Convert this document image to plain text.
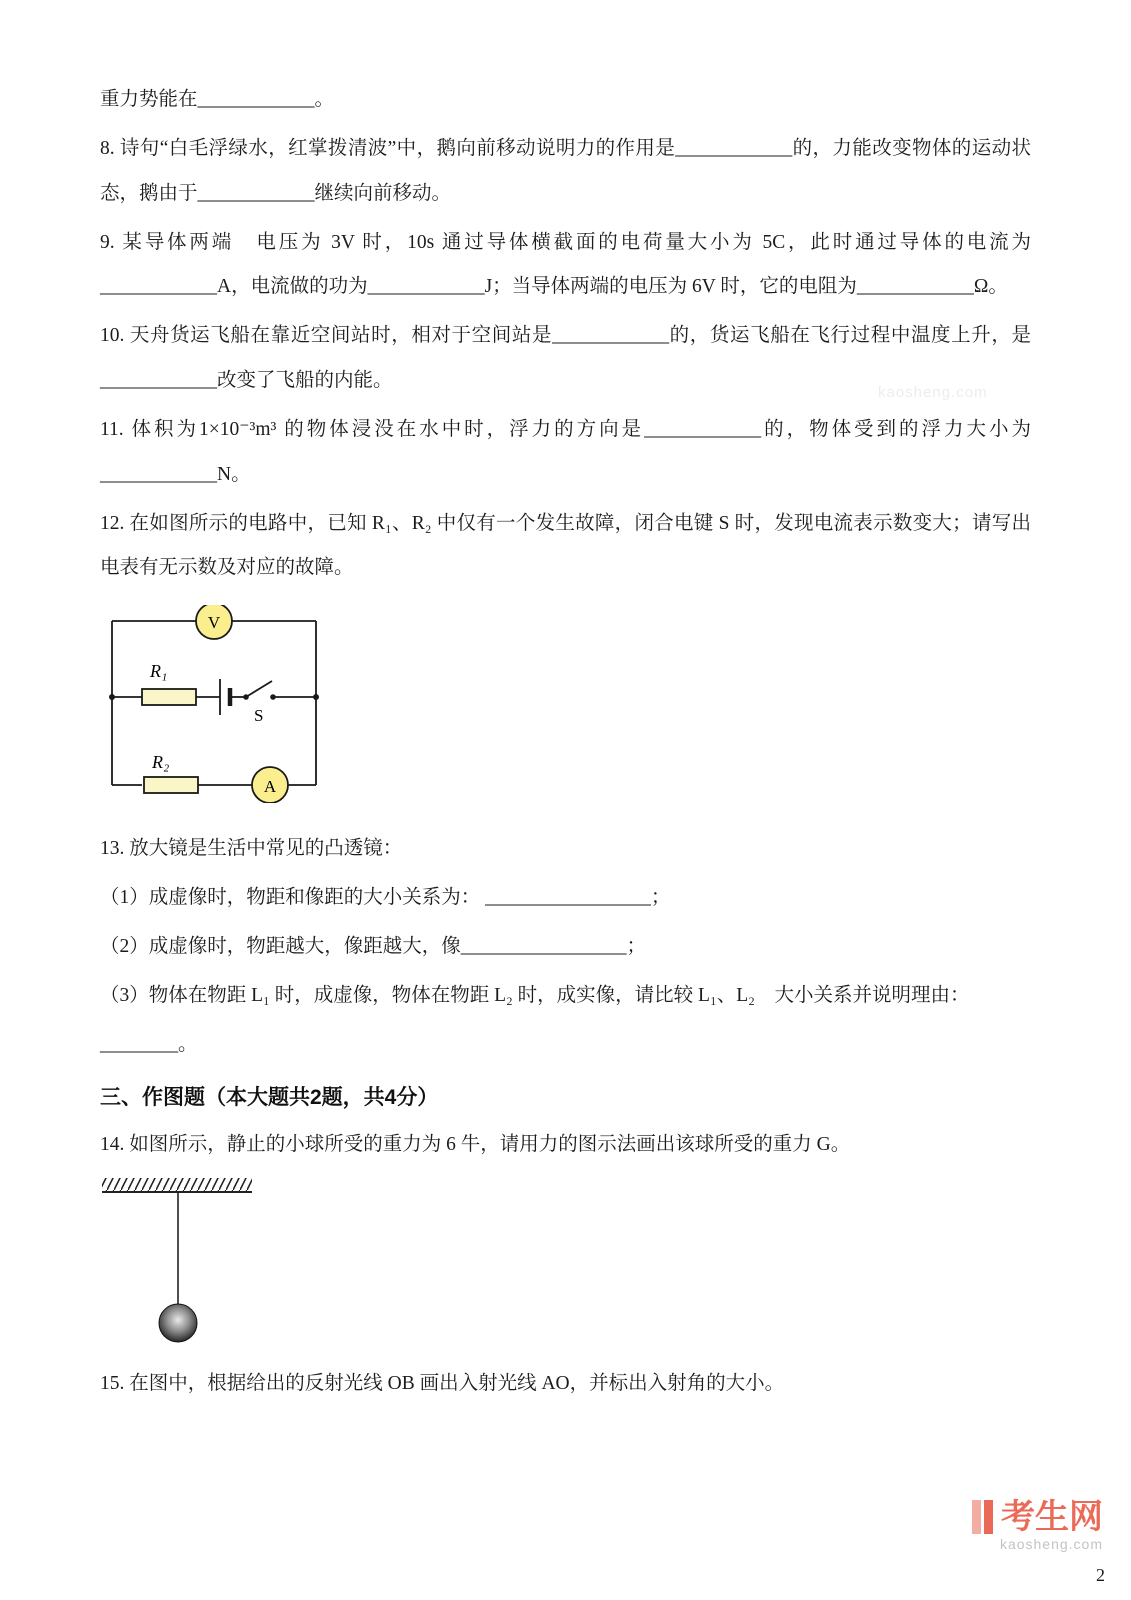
重力势能在____________。

8. 诗句“白毛浮绿水，红掌拨清波”中，鹅向前移动说明力的作用是____________的，力能改变物体的运动状态，鹅由于____________继续向前移动。

9. 某导体两端　电压为 3V 时，10s 通过导体横截面的电荷量大小为 5C，此时通过导体的电流为____________A，电流做的功为____________J；当导体两端的电压为 6V 时，它的电阻为____________Ω。

10. 天舟货运飞船在靠近空间站时，相对于空间站是____________的，货运飞船在飞行过程中温度上升，是____________改变了飞船的内能。

11. 体积为1×10⁻³m³ 的物体浸没在水中时，浮力的方向是____________的，物体受到的浮力大小为____________N。

12. 在如图所示的电路中，已知 R₁、R₂ 中仅有一个发生故障，闭合电键 S 时，发现电流表示数变大；请写出电表有无示数及对应的故障。

V
R₁
S
R₂
A

13. 放大镜是生活中常见的凸透镜：

（1）成虚像时，物距和像距的大小关系为： _________________；

（2）成虚像时，物距越大，像距越大，像_________________；

（3）物体在物距 L₁ 时，成虚像，物体在物距 L₂ 时，成实像，请比较 L₁、L₂　大小关系并说明理由：

________。

三、作图题（本大题共2题，共4分）

14. 如图所示，静止的小球所受的重力为 6 牛，请用力的图示法画出该球所受的重力 G。

15. 在图中，根据给出的反射光线 OB 画出入射光线 AO，并标出入射角的大小。

kaosheng.com
考生网
kaosheng.com
2
